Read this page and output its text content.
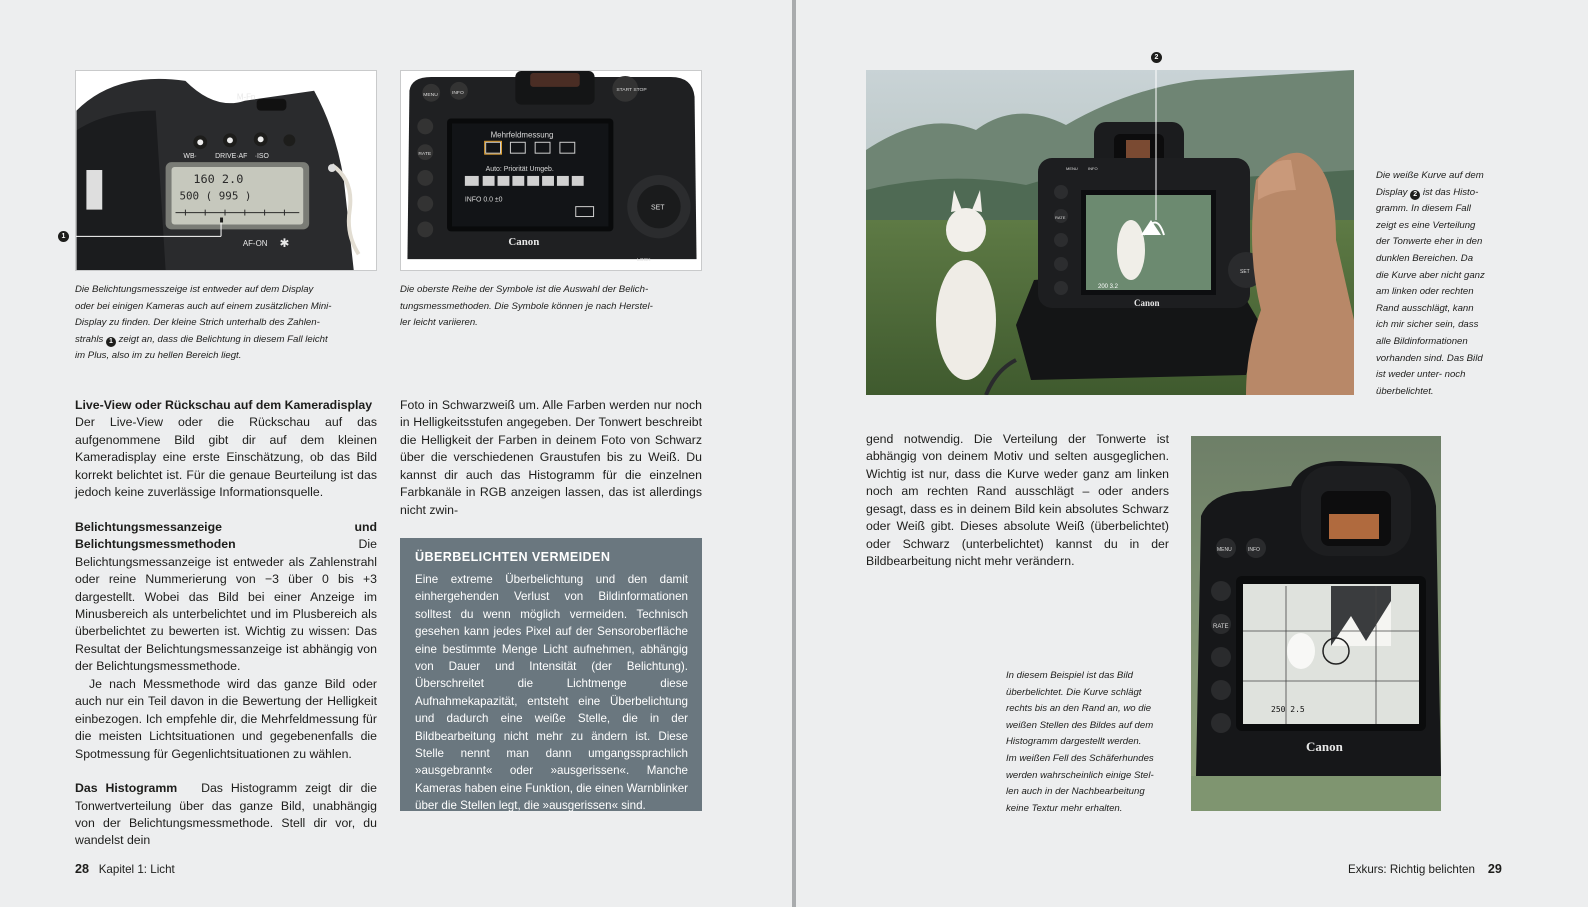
M-Fn
WB·	DRIVE·AF ·ISO
160 2.0
500 ( 995 )
AF-ON ✱
1
Die Belichtungsmesszeige ist entweder auf dem Display
oder bei einigen Kameras auch auf einem zusätzlichen Mini-
Display zu finden. Der kleine Strich unterhalb des Zahlen-
strahls 1 zeigt an, dass die Belichtung in diesem Fall leicht
im Plus, also im zu hellen Bereich liegt.
Mehrfeldmessung
Auto: Priorität Umgeb.
INFO 0.0 ±0
MENU	INFO
START STOP
RATE
SET
Canon
LOCK
Die oberste Reihe der Symbole ist die Auswahl der Belich-
tungsmessmethoden. Die Symbole können je nach Herstel-
ler leicht variieren.

Live-View oder Rückschau auf dem Kameradisplay

Der Live-View oder die Rückschau auf das aufgenommene Bild gibt dir auf dem kleinen Kameradisplay eine erste Einschätzung, ob das Bild korrekt belichtet ist. Für die genaue Beurteilung ist das jedoch keine zuverlässige Informationsquelle.

Belichtungsmessanzeige und Belichtungsmessmethoden	Die Belichtungsmessanzeige ist entweder als Zahlenstrahl oder reine Nummerierung von −3 über 0 bis +3 dargestellt. Wobei das Bild bei einer Anzeige im Minusbereich als unterbelichtet und im Plusbereich als überbelichtet zu bewerten ist. Wichtig zu wissen: Das Resultat der Belichtungsmessanzeige ist abhängig von der Belichtungsmessmethode.

Je nach Messmethode wird das ganze Bild oder auch nur ein Teil davon in die Bewertung der Helligkeit einbezogen. Ich empfehle dir, die Mehrfeldmessung für die meisten Lichtsituationen und gegebenenfalls die Spotmessung für Gegenlichtsituationen zu wählen.

Das Histogramm Das Histogramm zeigt dir die Tonwertverteilung über das ganze Bild, unabhängig von der Belichtungsmessmethode. Stell dir vor, du wandelst dein

Foto in Schwarzweiß um. Alle Farben werden nur noch in Helligkeitsstufen angegeben. Der Tonwert beschreibt die Helligkeit der Farben in deinem Foto von Schwarz über die verschiedenen Graustufen bis zu Weiß. Du kannst dir auch das Histogramm für die einzelnen Farbkanäle in RGB anzeigen lassen, das ist allerdings nicht zwin-

ÜBERBELICHTEN VERMEIDEN

Eine extreme Überbelichtung und den damit einhergehenden Verlust von Bildinformationen solltest du wenn möglich vermeiden. Technisch gesehen kann jedes Pixel auf der Sensoroberfläche eine bestimmte Menge Licht aufnehmen, abhängig von Dauer und Intensität (der Belichtung). Überschreitet die Lichtmenge diese Aufnahmekapazität, entsteht eine Überbelichtung und dadurch eine weiße Stelle, die in der Bildbearbeitung nicht mehr zu ändern ist. Diese Stelle nennt man dann umgangssprachlich »ausgebrannt« oder »ausgerissen«. Manche Kameras haben eine Funktion, die einen Warnblinker über die Stellen legt, die »ausgerissen« sind.

28 Kapitel 1: Licht
200 3.2
RATE
MENU	INFO
SET
Canon
2
Die weiße Kurve auf dem
Display 2 ist das Histo-
gramm. In diesem Fall
zeigt es eine Verteilung
der Tonwerte eher in den
dunklen Bereichen. Da
die Kurve aber nicht ganz
am linken oder rechten
Rand ausschlägt, kann
ich mir sicher sein, dass
alle Bildinformationen
vorhanden sind. Das Bild
ist weder unter- noch
überbelichtet.

gend notwendig. Die Verteilung der Tonwerte ist abhängig von deinem Motiv und selten ausgeglichen. Wichtig ist nur, dass die Kurve weder ganz am linken noch am rechten Rand ausschlägt – oder anders gesagt, dass es in deinem Bild kein absolutes Schwarz oder Weiß gibt. Dieses absolute Weiß (überbelichtet) oder Schwarz (unterbelichtet) kannst du in der Bildbearbeitung nicht mehr verändern.

250 2.5
RATE
MENU	INFO
Canon
In diesem Beispiel ist das Bild
überbelichtet. Die Kurve schlägt
rechts bis an den Rand an, wo die
weißen Stellen des Bildes auf dem
Histogramm dargestellt werden.
Im weißen Fell des Schäferhundes
werden wahrscheinlich einige Stel-
len auch in der Nachbearbeitung
keine Textur mehr erhalten.
Exkurs: Richtig belichten 29
